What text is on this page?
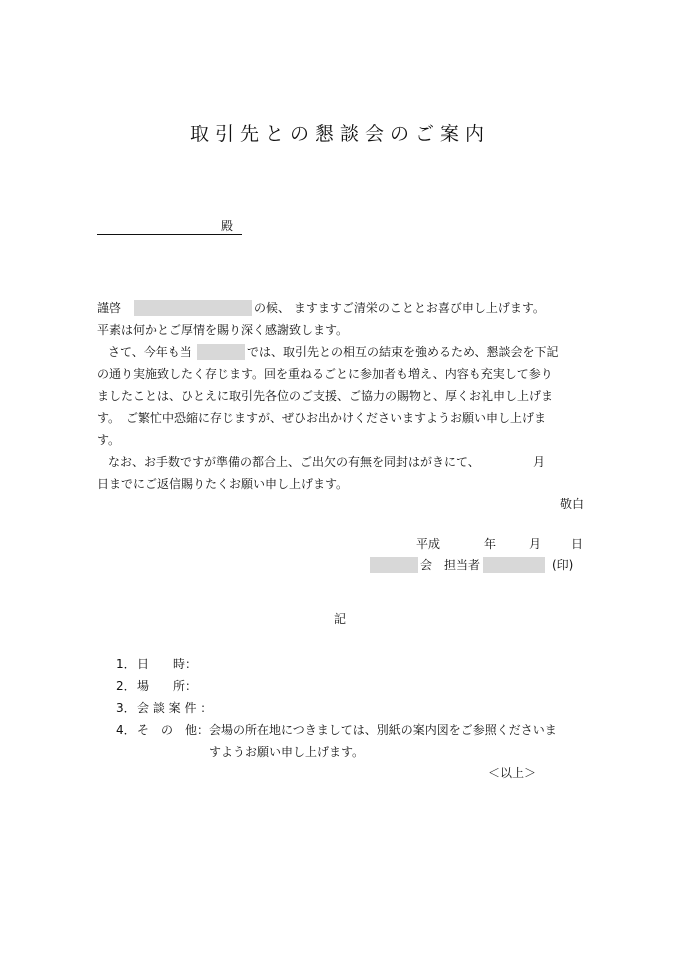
取引先との懇談会のご案内
殿
謹啓	の候、 ますますご清栄のこととお喜び申し上げます。
平素は何かとご厚情を賜り深く感謝致します。
さて、今年も当	では、取引先との相互の結束を強めるため、懇談会を下記
の通り実施致したく存じます。回を重ねるごとに参加者も増え、内容も充実して参り
ましたことは、ひとえに取引先各位のご支援、ご協力の賜物と、厚くお礼申し上げま
す。　ご繁忙中恐縮に存じますが、ぜひお出かけくださいますようお願い申し上げま
す。
なお、お手数ですが準備の都合上、ご出欠の有無を同封はがきにて、	月
日までにご返信賜りたくお願い申し上げます。
敬白
平成	年	月 日
会 担当者	(印)
記
1． 日　　時：
2． 場　　所：
3． 会 談 案 件 ：
4． そ　の　他： 会場の所在地につきましては、別紙の案内図をご参照くださいま
すようお願い申し上げます。
＜以上＞
